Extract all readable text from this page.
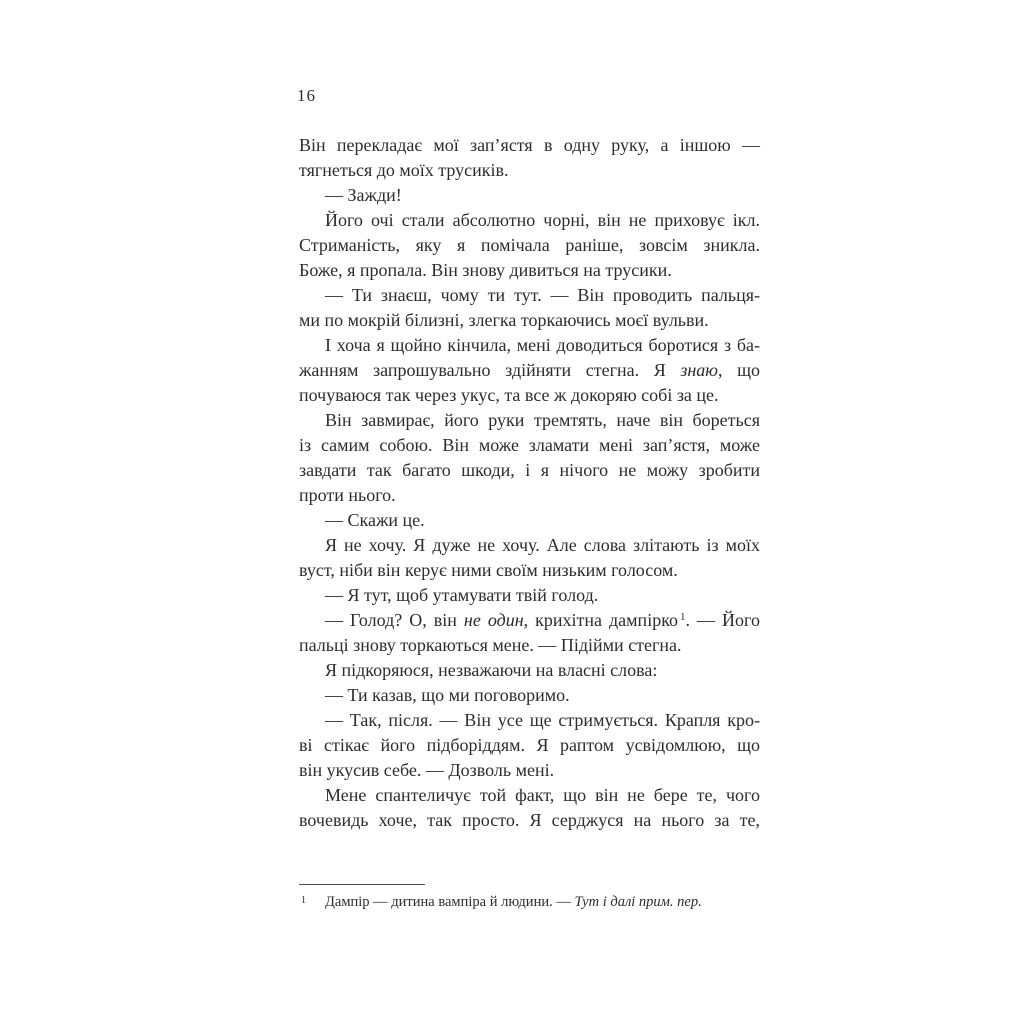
16
Він перекладає мої зап’ястя в одну руку, а іншою —
тягнеться до моїх трусиків.
— Зажди!
Його очі стали абсолютно чорні, він не приховує ікл.
Стриманість, яку я помічала раніше, зовсім зникла.
Боже, я пропала. Він знову дивиться на трусики.
— Ти знаєш, чому ти тут. — Він проводить пальця-
ми по мокрій білизні, злегка торкаючись моєї вульви.
І хоча я щойно кінчила, мені доводиться боротися з ба-
жанням запрошувально здійняти стегна. Я знаю, що
почуваюся так через укус, та все ж докоряю собі за це.
Він завмирає, його руки тремтять, наче він бореться
із самим собою. Він може зламати мені зап’ястя, може
завдати так багато шкоди, і я нічого не можу зробити
проти нього.
— Скажи це.
Я не хочу. Я дуже не хочу. Але слова злітають із моїх
вуст, ніби він керує ними своїм низьким голосом.
— Я тут, щоб утамувати твій голод.
— Голод? О, він не один, крихітна дампірко $^1$. — Його
пальці знову торкаються мене. — Підійми стегна.
Я підкоряюся, незважаючи на власні слова:
— Ти казав, що ми поговоримо.
— Так, після. — Він усе ще стримується. Крапля кро-
ві стікає його підборіддям. Я раптом усвідомлюю, що
він укусив себе. — Дозволь мені.
Мене спантеличує той факт, що він не бере те, чого
вочевидь хоче, так просто. Я серджуся на нього за те,
1 Дампір — дитина вампіра й людини. — Тут і далі прим. пер.
